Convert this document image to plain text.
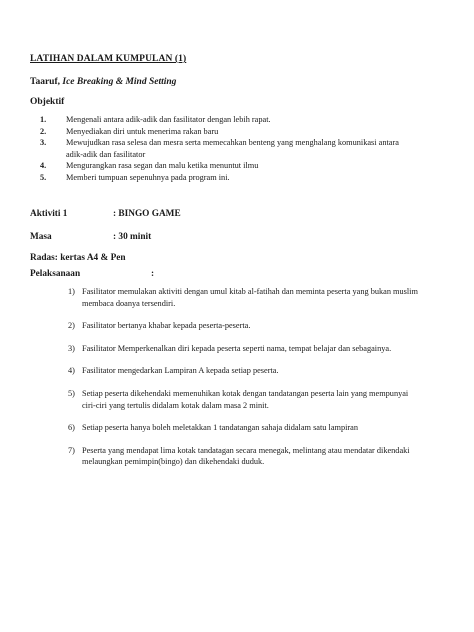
LATIHAN DALAM KUMPULAN (1)
Taaruf, Ice Breaking & Mind Setting
Objektif
1. Mengenali antara adik-adik dan fasilitator dengan lebih rapat.
2. Menyediakan diri untuk menerima rakan baru
3. Mewujudkan rasa selesa dan mesra serta memecahkan benteng yang menghalang komunikasi antara adik-adik dan fasilitator
4. Mengurangkan rasa segan dan malu ketika menuntut ilmu
5. Memberi tumpuan sepenuhnya pada program ini.
Aktiviti 1	: BINGO GAME
Masa	: 30 minit
Radas: kertas A4 & Pen
Pelaksanaan	:
1) Fasilitator memulakan aktiviti dengan umul kitab al-fatihah dan meminta peserta yang bukan muslim membaca doanya tersendiri.
2) Fasilitator bertanya khabar kepada peserta-peserta.
3) Fasilitator Memperkenalkan diri kepada peserta seperti nama, tempat belajar dan sebagainya.
4) Fasilitator mengedarkan Lampiran A kepada setiap peserta.
5) Setiap peserta dikehendaki memenuhikan kotak dengan tandatangan peserta lain yang mempunyai ciri-ciri yang tertulis didalam kotak dalam masa 2 minit.
6) Setiap peserta hanya boleh meletakkan 1 tandatangan sahaja didalam satu lampiran
7) Peserta yang mendapat lima kotak tandatagan secara menegak, melintang atau mendatar dikendaki melaungkan pemimpin(bingo) dan dikehendaki duduk.
